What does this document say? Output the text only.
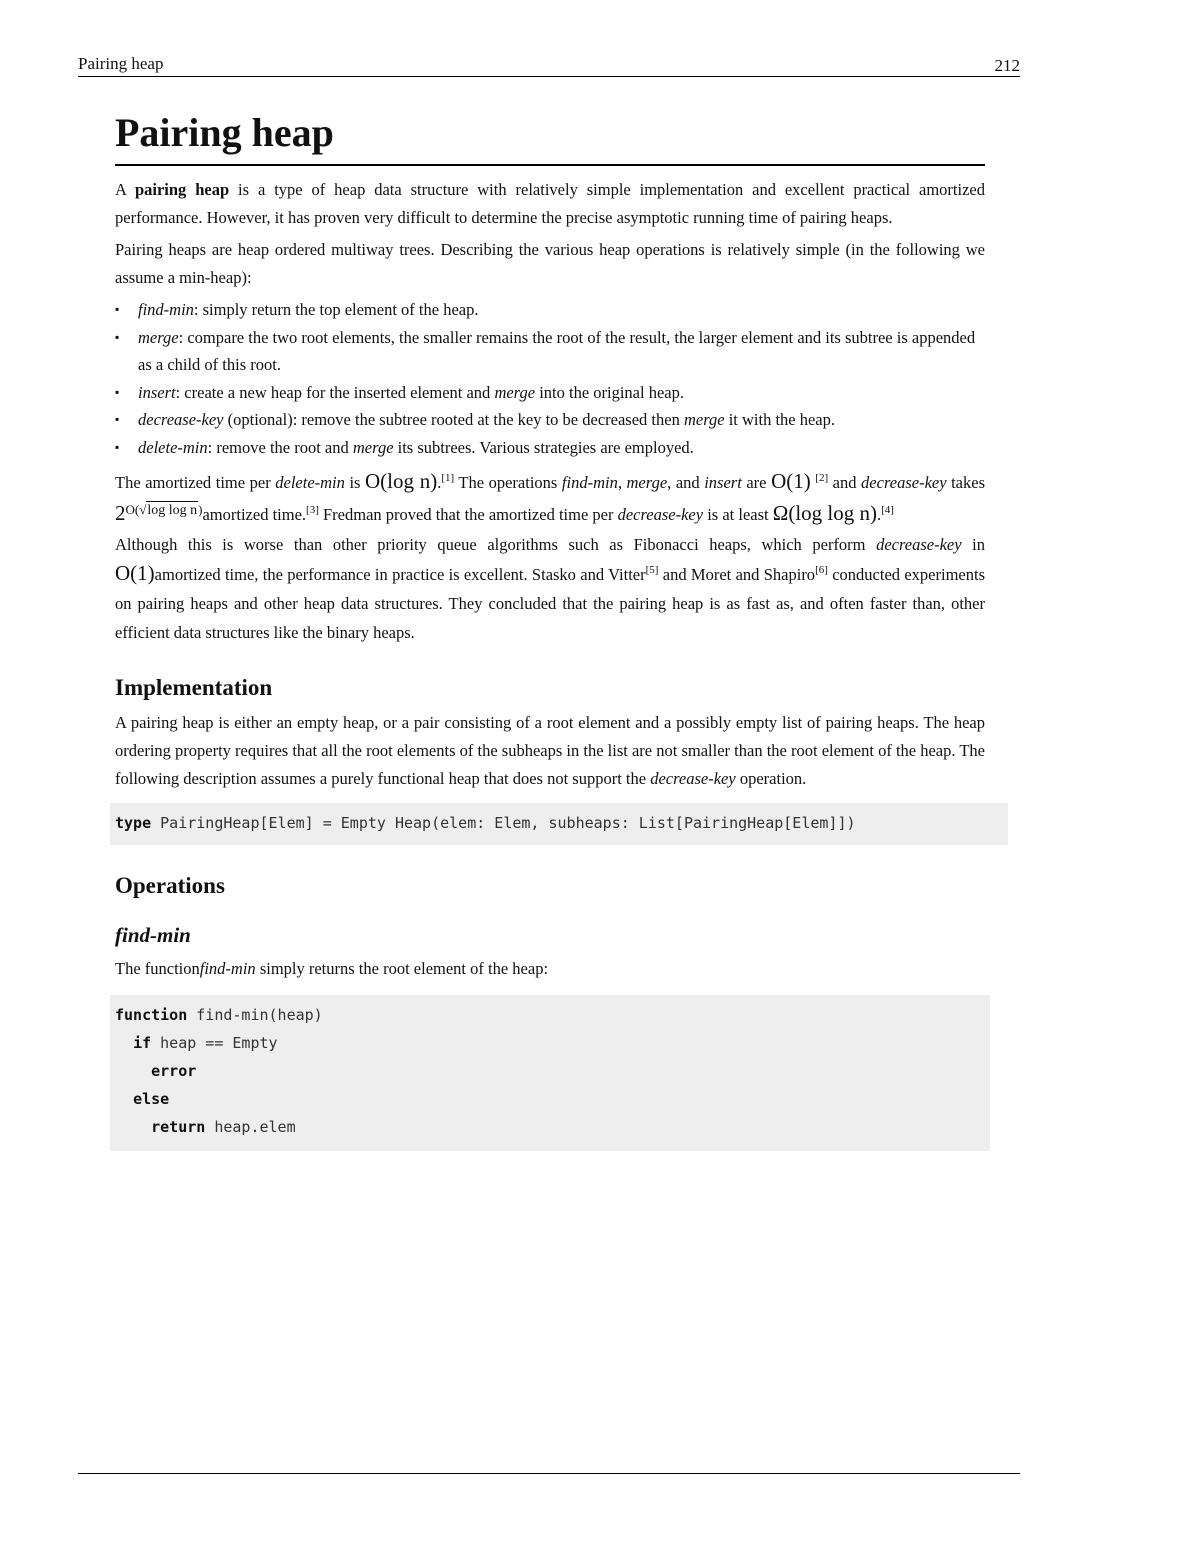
Pairing heap	212
Pairing heap

A pairing heap is a type of heap data structure with relatively simple implementation and excellent practical amortized performance. However, it has proven very difficult to determine the precise asymptotic running time of pairing heaps.

Pairing heaps are heap ordered multiway trees. Describing the various heap operations is relatively simple (in the following we assume a min-heap):

▪ find-min: simply return the top element of the heap.
▪ merge: compare the two root elements, the smaller remains the root of the result, the larger element and its subtree is appended as a child of this root.
▪ insert: create a new heap for the inserted element and merge into the original heap.
▪ decrease-key (optional): remove the subtree rooted at the key to be decreased then merge it with the heap.
▪ delete-min: remove the root and merge its subtrees. Various strategies are employed.

The amortized time per delete-min is O(log n).[1] The operations find-min, merge, and insert are O(1) [2] and decrease-key takes $2^{O(√log log n)}amortized$ time.[3] Fredman proved that the amortized time per decrease-key is at least Ω(log log n).[4]

Although this is worse than other priority queue algorithms such as Fibonacci heaps, which perform decrease-key in O(1)amortized time, the performance in practice is excellent. Stasko and Vitter[5] and Moret and Shapiro[6] conducted experiments on pairing heaps and other heap data structures. They concluded that the pairing heap is as fast as, and often faster than, other efficient data structures like the binary heaps.

Implementation

A pairing heap is either an empty heap, or a pair consisting of a root element and a possibly empty list of pairing heaps. The heap ordering property requires that all the root elements of the subheaps in the list are not smaller than the root element of the heap. The following description assumes a purely functional heap that does not support the decrease-key operation.

type PairingHeap[Elem] = Empty Heap(elem: Elem, subheaps: List[PairingHeap[Elem]])
Operations
find-min

The functionfind-min simply returns the root element of the heap:

function find-min(heap)
if heap == Empty
error
else
return heap.elem
